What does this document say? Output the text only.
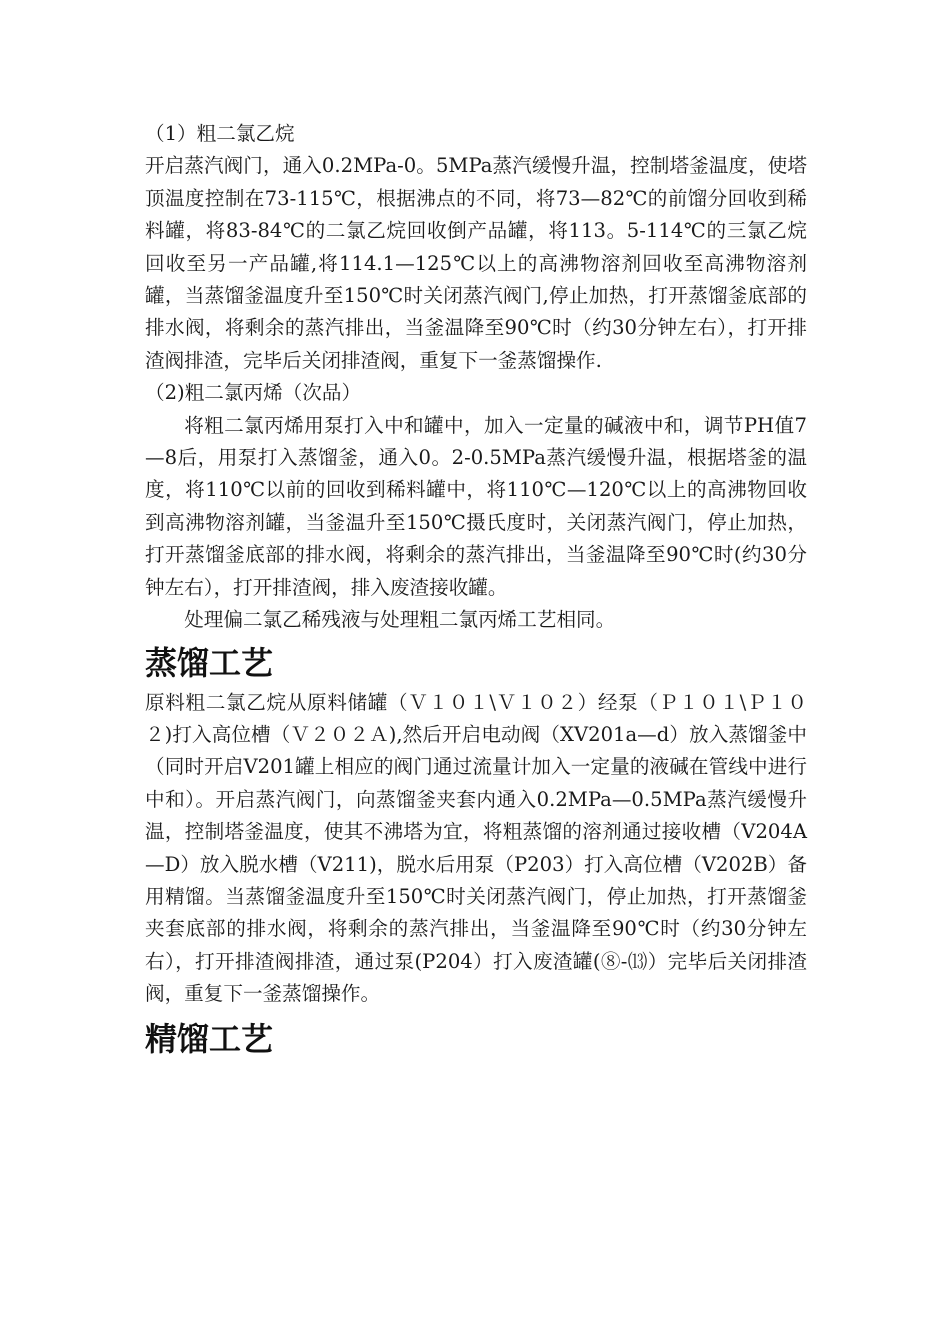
（1）粗二氯乙烷

开启蒸汽阀门，通入0.2MPa-0。5MPa蒸汽缓慢升温，控制塔釜温度，使塔顶温度控制在73-115℃，根据沸点的不同，将73—82℃的前馏分回收到稀料罐，将83-84℃的二氯乙烷回收倒产品罐，将113。5-114℃的三氯乙烷回收至另一产品罐,将114.1—125℃以上的高沸物溶剂回收至高沸物溶剂罐，当蒸馏釜温度升至150℃时关闭蒸汽阀门,停止加热，打开蒸馏釜底部的排水阀，将剩余的蒸汽排出，当釜温降至90℃时（约30分钟左右），打开排渣阀排渣，完毕后关闭排渣阀，重复下一釜蒸馏操作.

（2)粗二氯丙烯（次品）

将粗二氯丙烯用泵打入中和罐中，加入一定量的碱液中和，调节PH值7—8后，用泵打入蒸馏釜，通入0。2-0.5MPa蒸汽缓慢升温，根据塔釜的温度，将110℃以前的回收到稀料罐中，将110℃—120℃以上的高沸物回收到高沸物溶剂罐，当釜温升至150℃摄氏度时，关闭蒸汽阀门，停止加热，打开蒸馏釜底部的排水阀，将剩余的蒸汽排出，当釜温降至90℃时(约30分钟左右），打开排渣阀，排入废渣接收罐。

处理偏二氯乙稀残液与处理粗二氯丙烯工艺相同。

蒸馏工艺

原料粗二氯乙烷从原料储罐（Ｖ１０１\Ｖ１０２）经泵（Ｐ１０１\Ｐ１０２)打入高位槽（Ｖ２０２Ａ),然后开启电动阀（XV201a—d）放入蒸馏釜中（同时开启V201罐上相应的阀门通过流量计加入一定量的液碱在管线中进行中和）。开启蒸汽阀门，向蒸馏釜夹套内通入0.2MPa—0.5MPa蒸汽缓慢升温，控制塔釜温度，使其不沸塔为宜，将粗蒸馏的溶剂通过接收槽（V204A—D）放入脱水槽（V211)，脱水后用泵（P203）打入高位槽（V202B）备用精馏。当蒸馏釜温度升至150℃时关闭蒸汽阀门，停止加热，打开蒸馏釜夹套底部的排水阀，将剩余的蒸汽排出，当釜温降至90℃时（约30分钟左右），打开排渣阀排渣，通过泵(P204）打入废渣罐(⑧-⒀）完毕后关闭排渣阀，重复下一釜蒸馏操作。

精馏工艺
